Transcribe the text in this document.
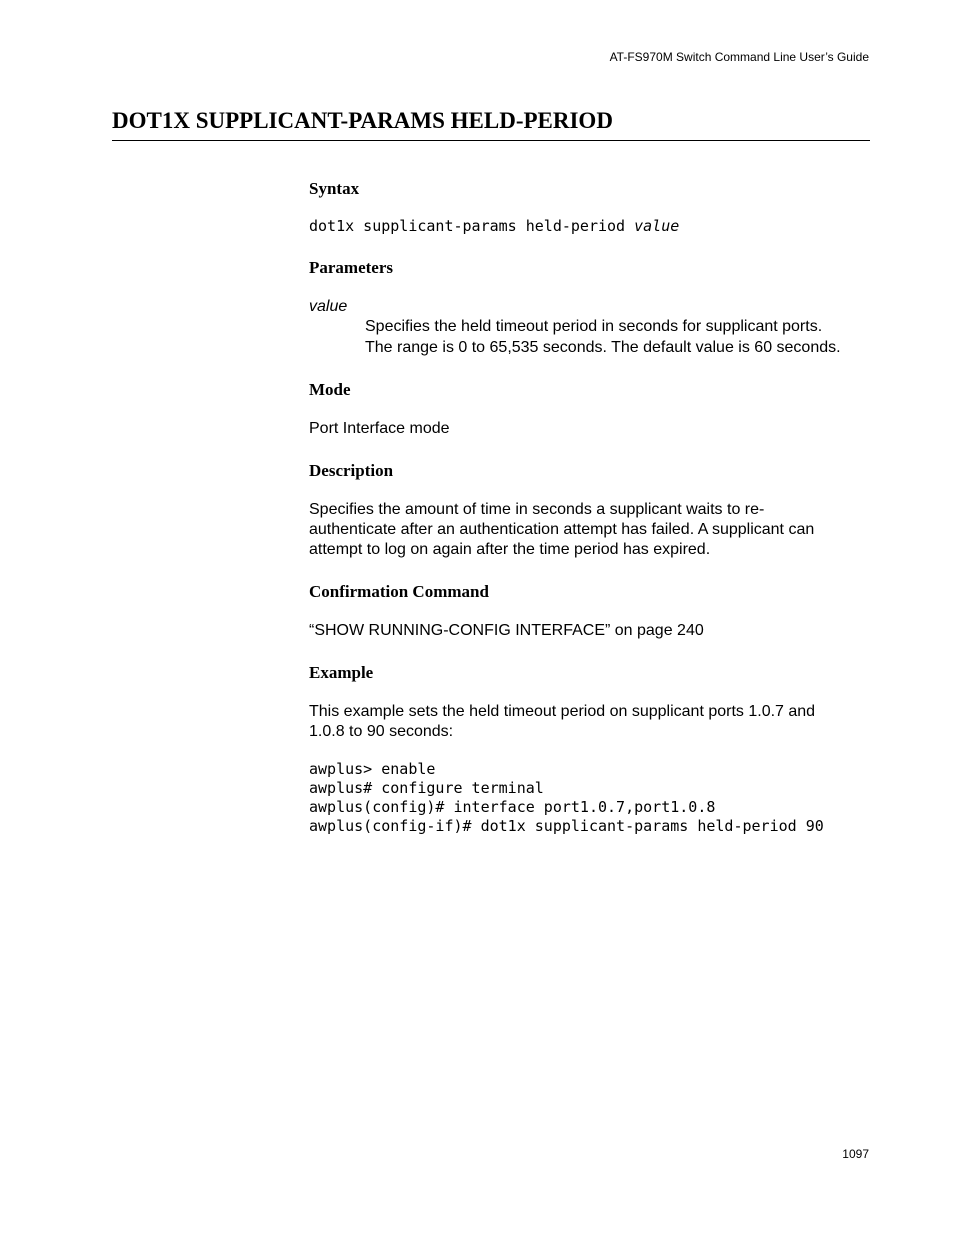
AT-FS970M Switch Command Line User’s Guide
DOT1X SUPPLICANT-PARAMS HELD-PERIOD
Syntax
dot1x supplicant-params held-period value
Parameters

value

Specifies the held timeout period in seconds for supplicant ports.

The range is 0 to 65,535 seconds. The default value is 60 seconds.

Mode

Port Interface mode

Description

Specifies the amount of time in seconds a supplicant waits to re-

authenticate after an authentication attempt has failed. A supplicant can

attempt to log on again after the time period has expired.

Confirmation Command

“SHOW RUNNING-CONFIG INTERFACE” on page 240

Example

This example sets the held timeout period on supplicant ports 1.0.7 and

1.0.8 to 90 seconds:

awplus> enable
awplus# configure terminal
awplus(config)# interface port1.0.7,port1.0.8
awplus(config-if)# dot1x supplicant-params held-period 90
1097
